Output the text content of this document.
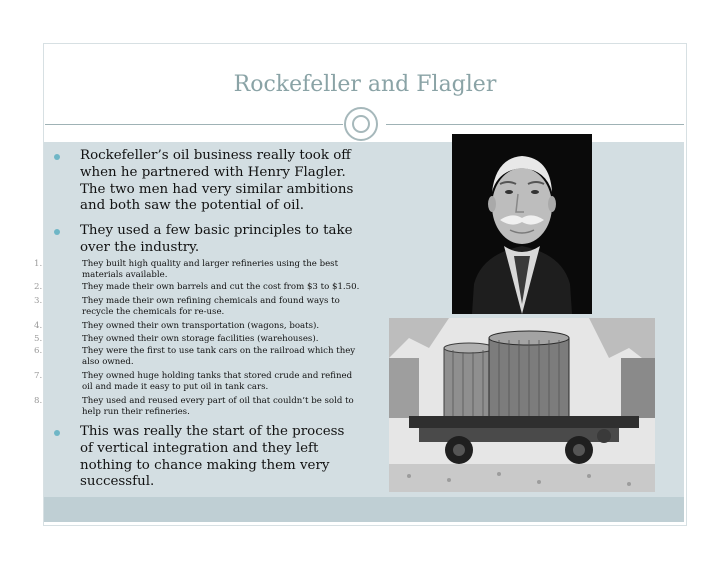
Rockefeller and Flagler
Rockefeller’s oil business really took off when he partnered with Henry Flagler. The two men had very similar ambitions and both saw the potential of oil.
They used a few basic principles to take over the industry.
1.	They built high quality and larger refineries using the best materials available.
2.	They made their own barrels and cut the cost from $3 to $1.50.
3.	They made their own refining chemicals and found ways to recycle the chemicals for re-use.
4.	They owned their own transportation (wagons, boats).
5.	They owned their own storage facilities (warehouses).
6.	They were the first to use tank cars on the railroad which they also owned.
7.	They owned huge holding tanks that stored crude and refined oil and made it easy to put oil in tank cars.
8.	They used and reused every part of oil that couldn’t be sold to help run their refineries.
This was really the start of the process of vertical integration and they left nothing to chance making them very successful.
